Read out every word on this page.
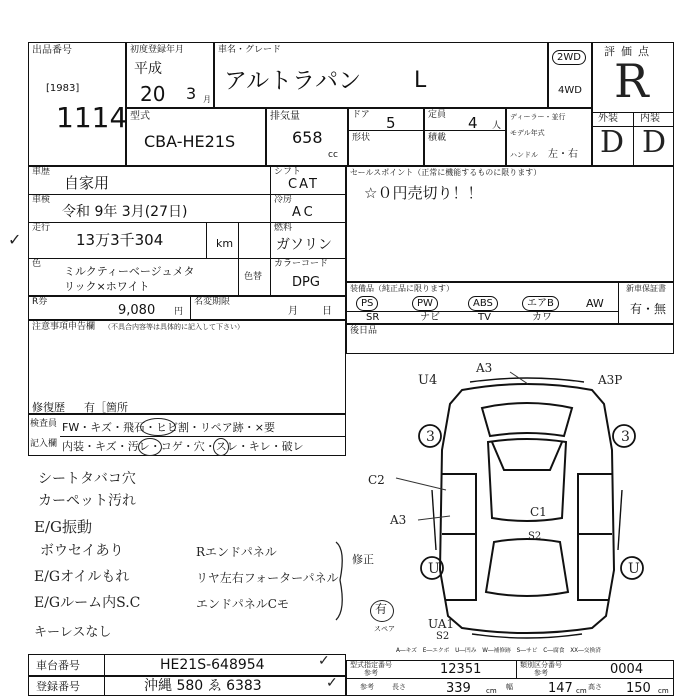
出品番号
[1983]
1114
初度登録年月
平成
20 3 月
車名・グレード
アルトラパン L
2WD
4WD
評価点
R
外装 内装
D D
型式
CBA-HE21S
排気量
658
cc
ドア 5
形状
定員 4 人
積載
ディーラー・並行
モデル年式
ハンドル 左・右
車歴
自家用
シフト
CAT
車検
令和 9年 3月(27日)
冷房
AC
走行
✓	13万3千304	km
燃料
ガソリン
色
ミルクティーベージュメタ
リック×ホワイト
色替
カラーコード
DPG
R券
9,080 円
名変期限
月 日
セールスポイント（正常に機能するものに限ります）
☆０円売切り！！
装備品（純正品に限ります）	新車保証書
有・無
PS	PW	ABS	エアB	AW
SR	ナビ	TV	カワ
後日品
注意事項申告欄 （不具合内容等は具体的に記入して下さい）
修復歴 有［箇所
検査員
記入欄
FW・キズ・飛石・ヒビ割・リペア跡・×要
内装・キズ・汚レ・コゲ・穴・スレ・キレ・破レ
シートタバコ穴
カーペット汚れ
E/G振動
ボウセイあり
E/Gオイルもれ
E/Gルーム内S.C
キーレスなし
Rエンドパネル
リヤ左右フォーターパネル
エンドパネルCモ
修正
U4
A3
A3P
C2
A3
C1
S2
3	3
U	U
UA1
S2
有
スペア
A―キズ　E―エクボ　U―凹み　W―補修跡　S―サビ　C―腐食　XX―交換済
車台番号	HE21S-648954	✓
登録番号	沖縄 580 ゑ 6383	✓
型式指定番号
参考	12351	類別区分番号
参考	0004
参考	長さ	339 cm 幅	147 cm 高さ 150 cm
